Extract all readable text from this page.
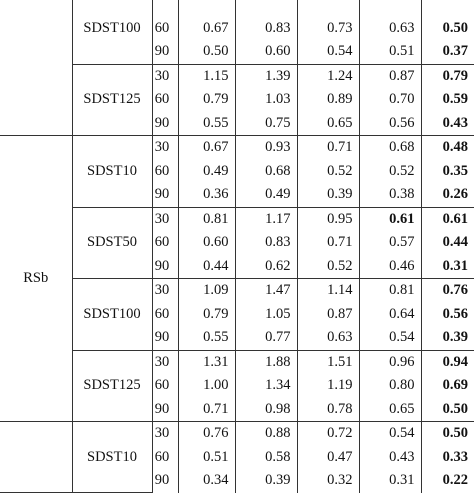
	SDST100						
		60	0.67	0.83	0.73	0.63	0.50
		90	0.50	0.60	0.54	0.51	0.37
	SDST125	30	1.15	1.39	1.24	0.87	0.79
		60	0.79	1.03	0.89	0.70	0.59
		90	0.55	0.75	0.65	0.56	0.43
RSb	SDST10	30	0.67	0.93	0.71	0.68	0.48
		60	0.49	0.68	0.52	0.52	0.35
		90	0.36	0.49	0.39	0.38	0.26
	SDST50	30	0.81	1.17	0.95	0.61	0.61
		60	0.60	0.83	0.71	0.57	0.44
		90	0.44	0.62	0.52	0.46	0.31
	SDST100	30	1.09	1.47	1.14	0.81	0.76
		60	0.79	1.05	0.87	0.64	0.56
		90	0.55	0.77	0.63	0.54	0.39
	SDST125	30	1.31	1.88	1.51	0.96	0.94
		60	1.00	1.34	1.19	0.80	0.69
		90	0.71	0.98	0.78	0.65	0.50
	SDST10	30	0.76	0.88	0.72	0.54	0.50
		60	0.51	0.58	0.47	0.43	0.33
		90	0.34	0.39	0.32	0.31	0.22
